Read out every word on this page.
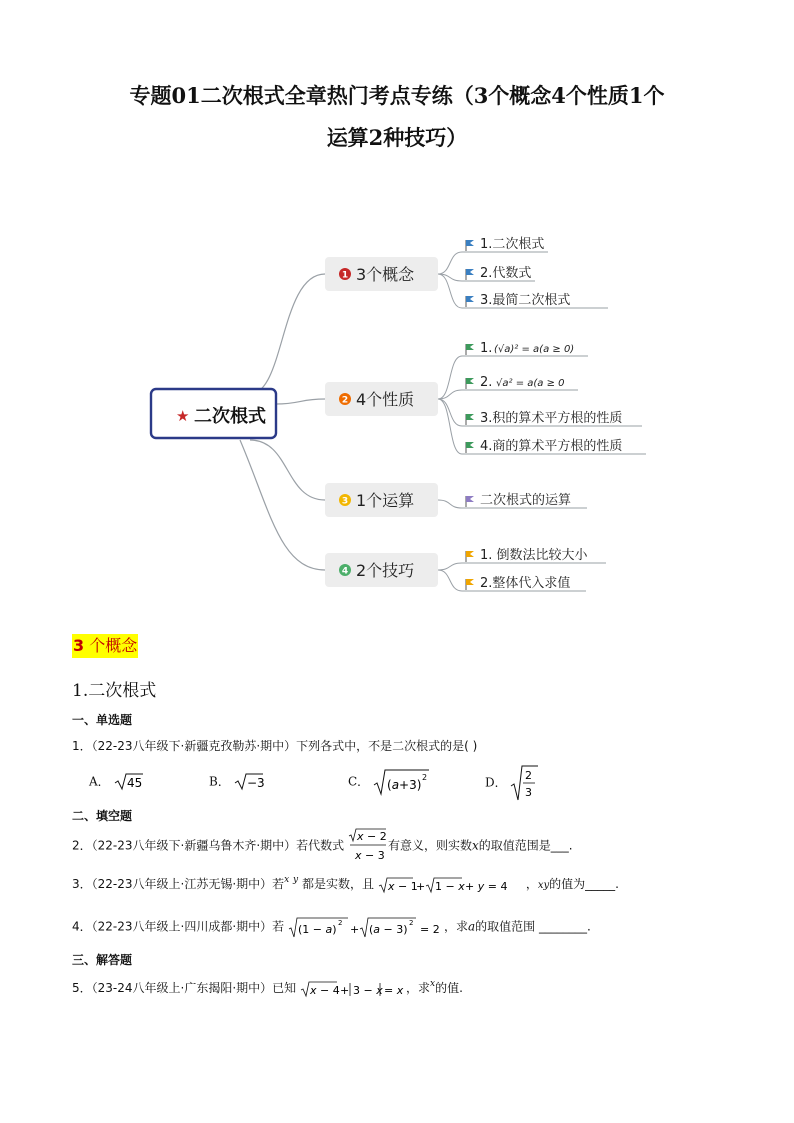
专题01二次根式全章热门考点专练（3个概念4个性质1个
运算2种技巧）
★ 二次根式
1 3个概念
2 4个性质
3 1个运算
4 2个技巧
1.二次根式
2.代数式
3.最简二次根式
1.
2.
3.积的算术平方根的性质
4.商的算术平方根的性质
二次根式的运算
1. 倒数法比较大小
2.整体代入求值
(√a)² = a(a ≥ 0)
√a² = a(a ≥ 0
3 个概念
1.二次根式
一、单选题
1．（22-23八年级下·新疆克孜勒苏·期中）下列各式中，不是二次根式的是( )
A． 45	B． −3	C． (a+3)
2	D． 2
3
二、填空题
2．（22-23八年级下·新疆乌鲁木齐·期中）若代数式
x − 2
x − 3
有意义，则实数x的取值范围是___.
3．（22-23八年级上·江苏无锡·期中）若$^x$ $^y$ 都是实数，且 x − 1
+ 1 − x + y = 4 ，xy的值为_____.
4．（22-23八年级上·四川成都·期中）若 (1 − a) 2 + (a − 3) 2 = 2 ，求a的取值范围 ________.
三、解答题
5．（23-24八年级上·广东揭阳·期中）已知 x − 4 + 3 − x = x ，求$^x$的值.
